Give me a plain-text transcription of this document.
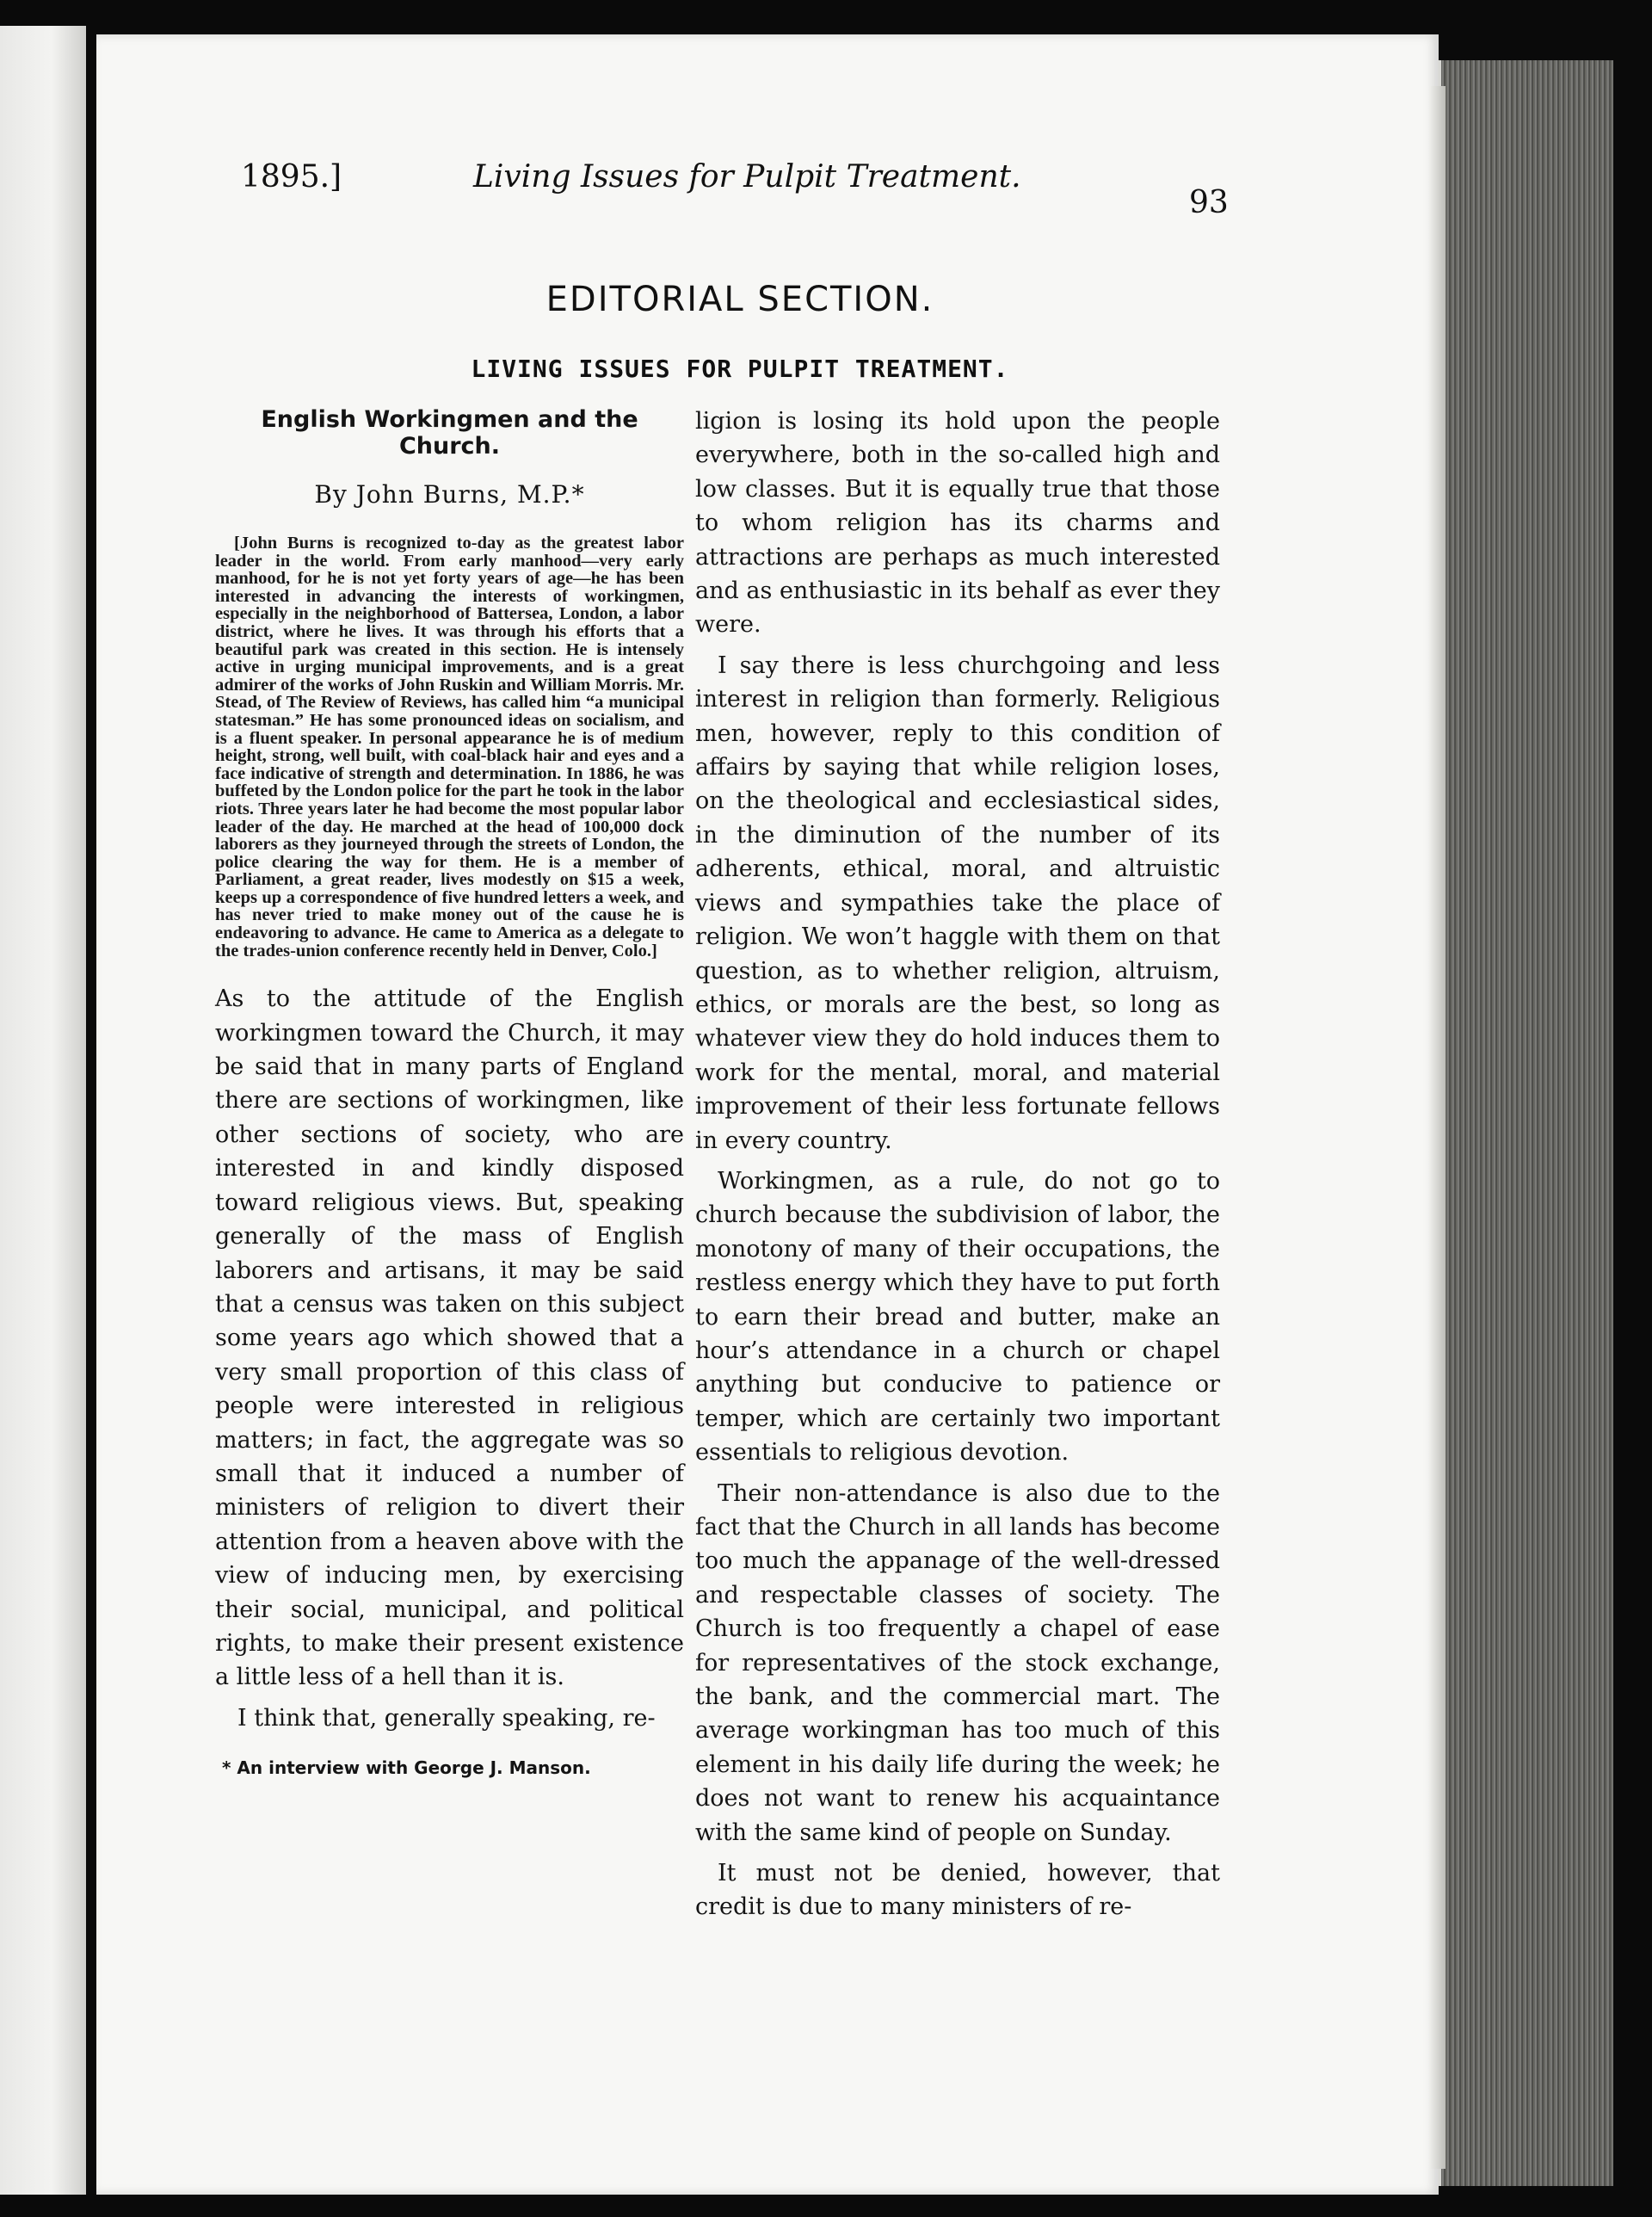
1895.]	Living Issues for Pulpit Treatment.
93
EDITORIAL SECTION.
LIVING ISSUES FOR PULPIT TREATMENT.

English Workingmen and the Church.

By John Burns, M.P.*

[John Burns is recognized to-day as the greatest labor leader in the world. From early manhood—very early manhood, for he is not yet forty years of age—he has been interested in advancing the interests of workingmen, especially in the neighborhood of Battersea, London, a labor district, where he lives. It was through his efforts that a beautiful park was created in this section. He is intensely active in urging municipal improvements, and is a great admirer of the works of John Ruskin and William Morris. Mr. Stead, of The Review of Reviews, has called him “a municipal statesman.” He has some pronounced ideas on socialism, and is a fluent speaker. In personal appearance he is of medium height, strong, well built, with coal-black hair and eyes and a face indicative of strength and determination. In 1886, he was buffeted by the London police for the part he took in the labor riots. Three years later he had become the most popular labor leader of the day. He marched at the head of 100,000 dock laborers as they journeyed through the streets of London, the police clearing the way for them. He is a member of Parliament, a great reader, lives modestly on $15 a week, keeps up a correspondence of five hundred letters a week, and has never tried to make money out of the cause he is endeavoring to advance. He came to America as a delegate to the trades-union conference recently held in Denver, Colo.]

As to the attitude of the English workingmen toward the Church, it may be said that in many parts of England there are sections of workingmen, like other sections of society, who are interested in and kindly disposed toward religious views. But, speaking generally of the mass of English laborers and artisans, it may be said that a census was taken on this subject some years ago which showed that a very small proportion of this class of people were interested in religious matters; in fact, the aggregate was so small that it induced a number of ministers of religion to divert their attention from a heaven above with the view of inducing men, by exercising their social, municipal, and political rights, to make their present existence a little less of a hell than it is.

I think that, generally speaking, re-

* An interview with George J. Manson.

ligion is losing its hold upon the people everywhere, both in the so-called high and low classes. But it is equally true that those to whom religion has its charms and attractions are perhaps as much interested and as enthusiastic in its behalf as ever they were.

I say there is less churchgoing and less interest in religion than formerly. Religious men, however, reply to this condition of affairs by saying that while religion loses, on the theological and ecclesiastical sides, in the diminution of the number of its adherents, ethical, moral, and altruistic views and sympathies take the place of religion. We won’t haggle with them on that question, as to whether religion, altruism, ethics, or morals are the best, so long as whatever view they do hold induces them to work for the mental, moral, and material improvement of their less fortunate fellows in every country.

Workingmen, as a rule, do not go to church because the subdivision of labor, the monotony of many of their occupations, the restless energy which they have to put forth to earn their bread and butter, make an hour’s attendance in a church or chapel anything but conducive to patience or temper, which are certainly two important essentials to religious devotion.

Their non-attendance is also due to the fact that the Church in all lands has become too much the appanage of the well-dressed and respectable classes of society. The Church is too frequently a chapel of ease for representatives of the stock exchange, the bank, and the commercial mart. The average workingman has too much of this element in his daily life during the week; he does not want to renew his acquaintance with the same kind of people on Sunday.

It must not be denied, however, that credit is due to many ministers of re-
